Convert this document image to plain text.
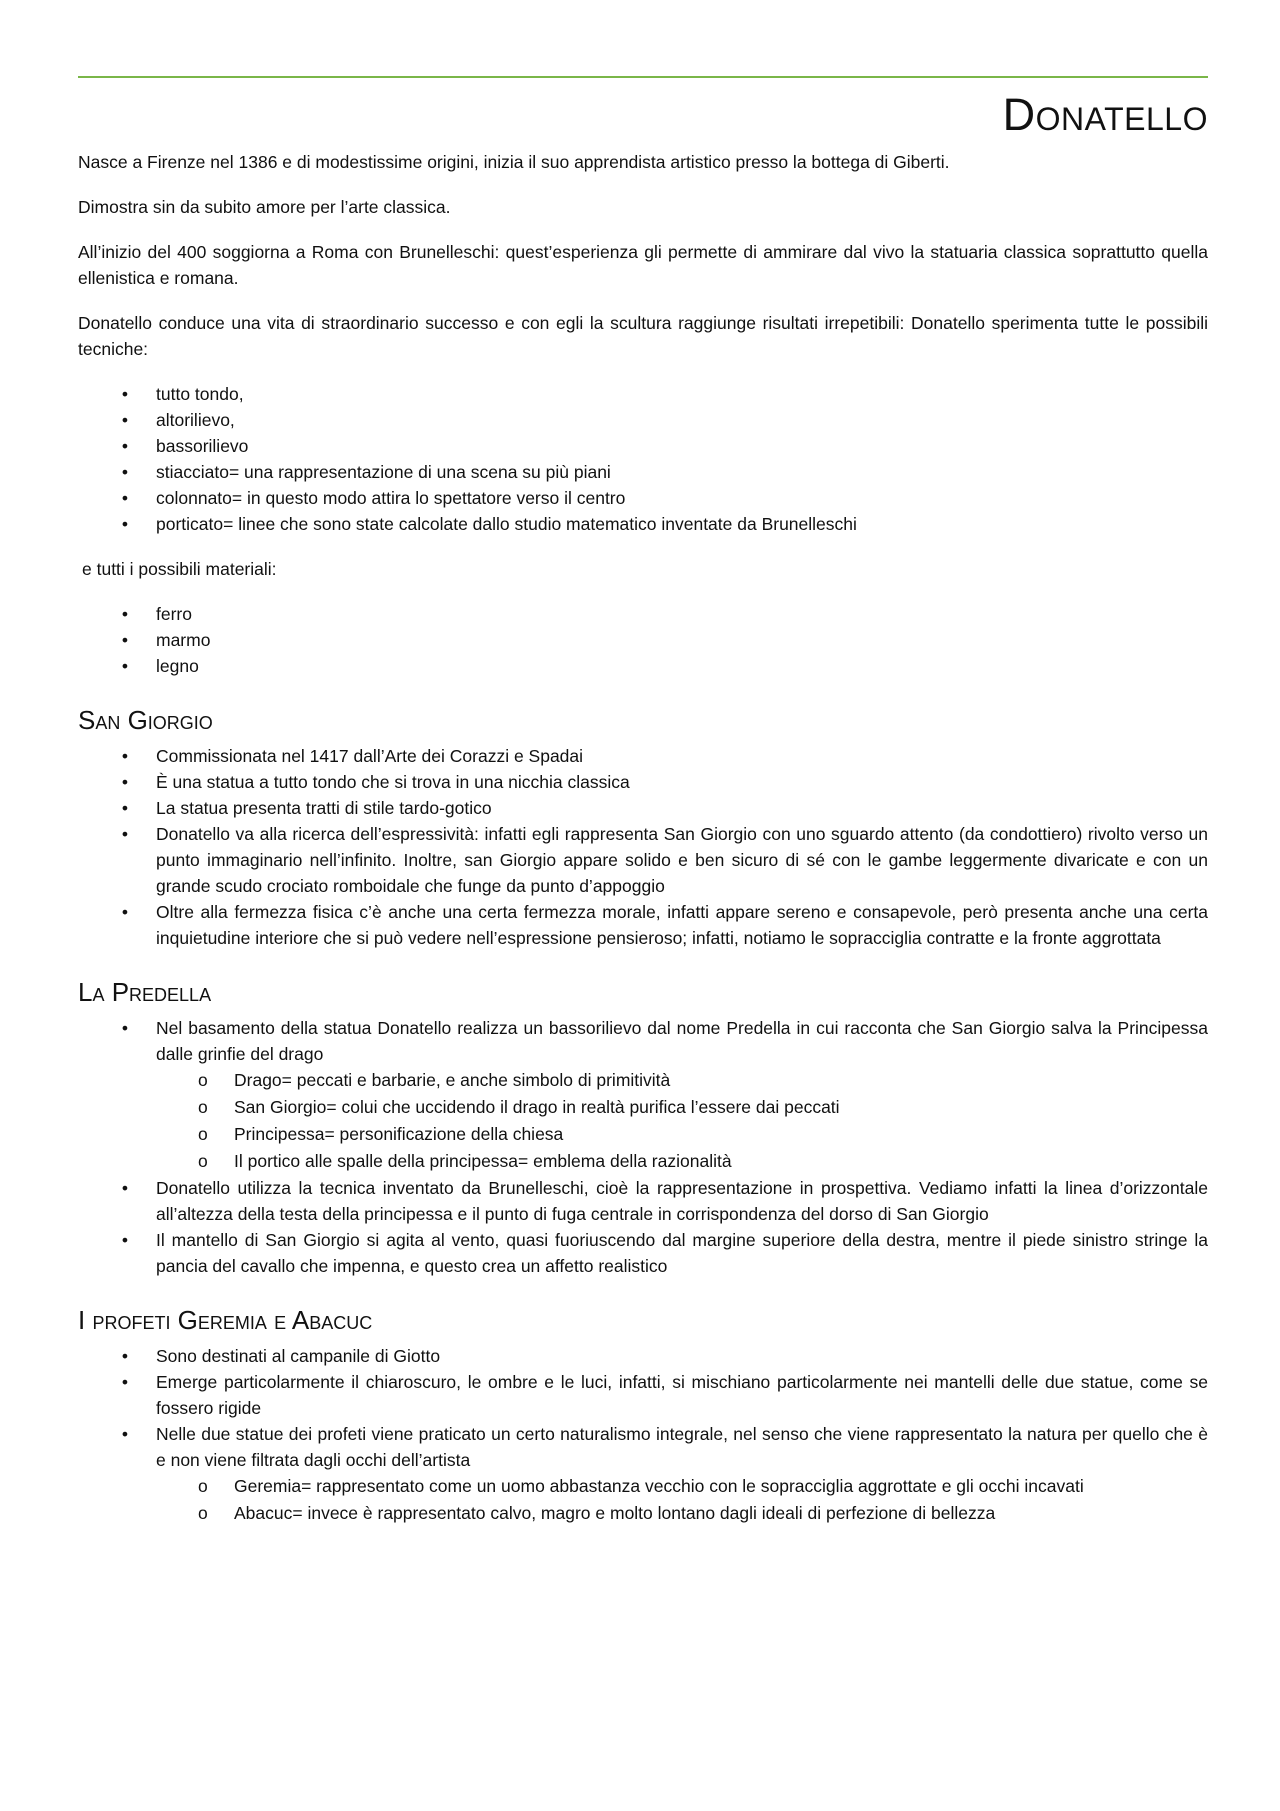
Donatello

Nasce a Firenze nel 1386 e di modestissime origini, inizia il suo apprendista artistico presso la bottega di Giberti.

Dimostra sin da subito amore per l’arte classica.

All’inizio del 400 soggiorna a Roma con Brunelleschi: quest’esperienza gli permette di ammirare dal vivo la statuaria classica soprattutto quella ellenistica e romana.

Donatello conduce una vita di straordinario successo e con egli la scultura raggiunge risultati irrepetibili: Donatello sperimenta tutte le possibili tecniche:

•	tutto tondo,
•	altorilievo,
•	bassorilievo
•	stiacciato= una rappresentazione di una scena su più piani
•	colonnato= in questo modo attira lo spettatore verso il centro
•	porticato= linee che sono state calcolate dallo studio matematico inventate da Brunelleschi

e tutti i possibili materiali:

•	ferro
•	marmo
•	legno
San Giorgio
•	Commissionata nel 1417 dall’Arte dei Corazzi e Spadai
•	È una statua a tutto tondo che si trova in una nicchia classica
•	La statua presenta tratti di stile tardo-gotico
•	Donatello va alla ricerca dell’espressività: infatti egli rappresenta San Giorgio con uno sguardo attento (da condottiero) rivolto verso un punto immaginario nell’infinito. Inoltre, san Giorgio appare solido e ben sicuro di sé con le gambe leggermente divaricate e con un grande scudo crociato romboidale che funge da punto d’appoggio
•	Oltre alla fermezza fisica c’è anche una certa fermezza morale, infatti appare sereno e consapevole, però presenta anche una certa inquietudine interiore che si può vedere nell’espressione pensieroso; infatti, notiamo le sopracciglia contratte e la fronte aggrottata
La Predella
•	Nel basamento della statua Donatello realizza un bassorilievo dal nome Predella in cui racconta che San Giorgio salva la Principessa dalle grinfie del drago
o Drago= peccati e barbarie, e anche simbolo di primitività
o San Giorgio= colui che uccidendo il drago in realtà purifica l’essere dai peccati
o Principessa= personificazione della chiesa
o Il portico alle spalle della principessa= emblema della razionalità
•	Donatello utilizza la tecnica inventato da Brunelleschi, cioè la rappresentazione in prospettiva. Vediamo infatti la linea d’orizzontale all’altezza della testa della principessa e il punto di fuga centrale in corrispondenza del dorso di San Giorgio
•	Il mantello di San Giorgio si agita al vento, quasi fuoriuscendo dal margine superiore della destra, mentre il piede sinistro stringe la pancia del cavallo che impenna, e questo crea un affetto realistico
I profeti Geremia e Abacuc
•	Sono destinati al campanile di Giotto
•	Emerge particolarmente il chiaroscuro, le ombre e le luci, infatti, si mischiano particolarmente nei mantelli delle due statue, come se fossero rigide
•	Nelle due statue dei profeti viene praticato un certo naturalismo integrale, nel senso che viene rappresentato la natura per quello che è e non viene filtrata dagli occhi dell’artista
o Geremia= rappresentato come un uomo abbastanza vecchio con le sopracciglia aggrottate e gli occhi incavati
o Abacuc= invece è rappresentato calvo, magro e molto lontano dagli ideali di perfezione di bellezza
